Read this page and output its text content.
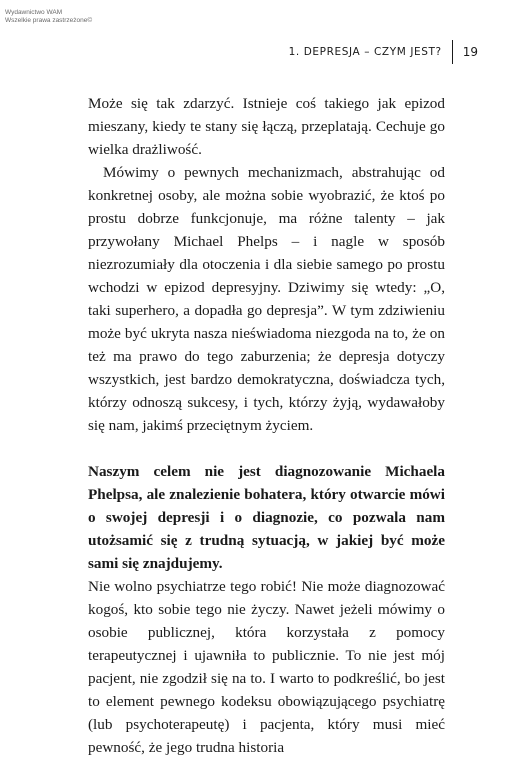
Wydawnictwo WAM
Wszelkie prawa zastrzeżone©
1. DEPRESJA – CZYM JEST? 19

Może się tak zdarzyć. Istnieje coś takiego jak epizod mieszany, kiedy te stany się łączą, przeplatają. Cechuje go wielka drażliwość.

Mówimy o pewnych mechanizmach, abstrahując od konkretnej osoby, ale można sobie wyobrazić, że ktoś po prostu dobrze funkcjonuje, ma różne talenty – jak przywołany Michael Phelps – i nagle w sposób niezrozumiały dla otoczenia i dla siebie samego po prostu wchodzi w epizod depresyjny. Dziwimy się wtedy: „O, taki superhero, a dopadła go depresja”. W tym zdziwieniu może być ukryta nasza nieświadoma niezgoda na to, że on też ma prawo do tego zaburzenia; że depresja dotyczy wszystkich, jest bardzo demokratyczna, doświadcza tych, którzy odnoszą sukcesy, i tych, którzy żyją, wydawałoby się nam, jakimś przeciętnym życiem.

Naszym celem nie jest diagnozowanie Michaela Phelpsa, ale znalezienie bohatera, który otwarcie mówi o swojej depresji i o diagnozie, co pozwala nam utożsamić się z trudną sytuacją, w jakiej być może sami się znajdujemy.

Nie wolno psychiatrze tego robić! Nie może diagnozować kogoś, kto sobie tego nie życzy. Nawet jeżeli mówimy o osobie publicznej, która korzystała z pomocy terapeutycznej i ujawniła to publicznie. To nie jest mój pacjent, nie zgodził się na to. I warto to podkreślić, bo jest to element pewnego kodeksu obowiązującego psychiatrę (lub psychoterapeutę) i pacjenta, który musi mieć pewność, że jego trudna historia
